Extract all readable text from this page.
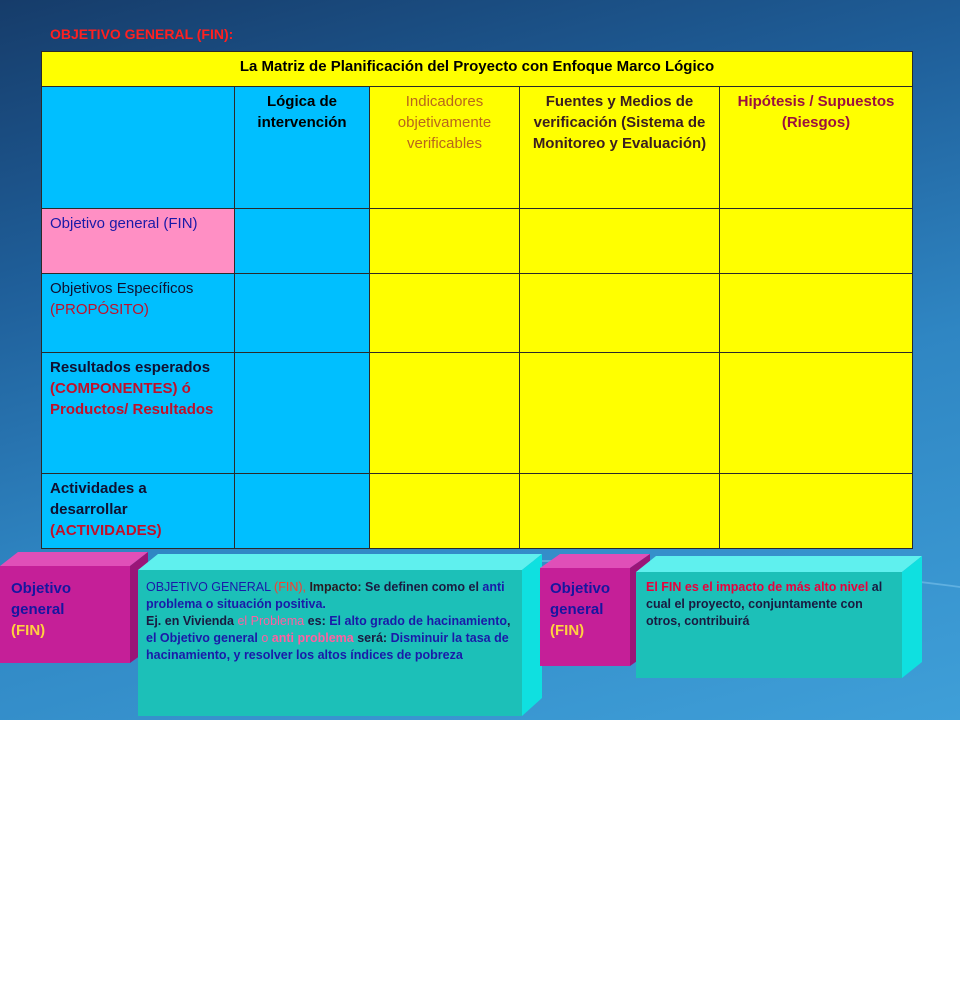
OBJETIVO GENERAL (FIN):
La Matriz de Planificación del Proyecto con Enfoque Marco Lógico				
	Lógica de intervención	Indicadores objetivamente verificables	Fuentes y Medios de verificación (Sistema de Monitoreo y Evaluación)	Hipótesis / Supuestos (Riesgos)
Objetivo general (FIN)				
Objetivos Específicos (PROPÓSITO)				
Resultados esperados (COMPONENTES) ó Productos/ Resultados				
Actividades a desarrollar (ACTIVIDADES)				
Objetivo
general
(FIN)
OBJETIVO GENERAL (FIN), Impacto: Se definen como el anti problema o situación positiva.
Ej. en Vivienda el Problema es: El alto grado de hacinamiento, el Objetivo general o anti problema será: Disminuir la tasa de hacinamiento, y resolver los altos índices de pobreza
Objetivo
general
(FIN)
El FIN es el impacto de más alto nivel al cual el proyecto, conjuntamente con otros, contribuirá
